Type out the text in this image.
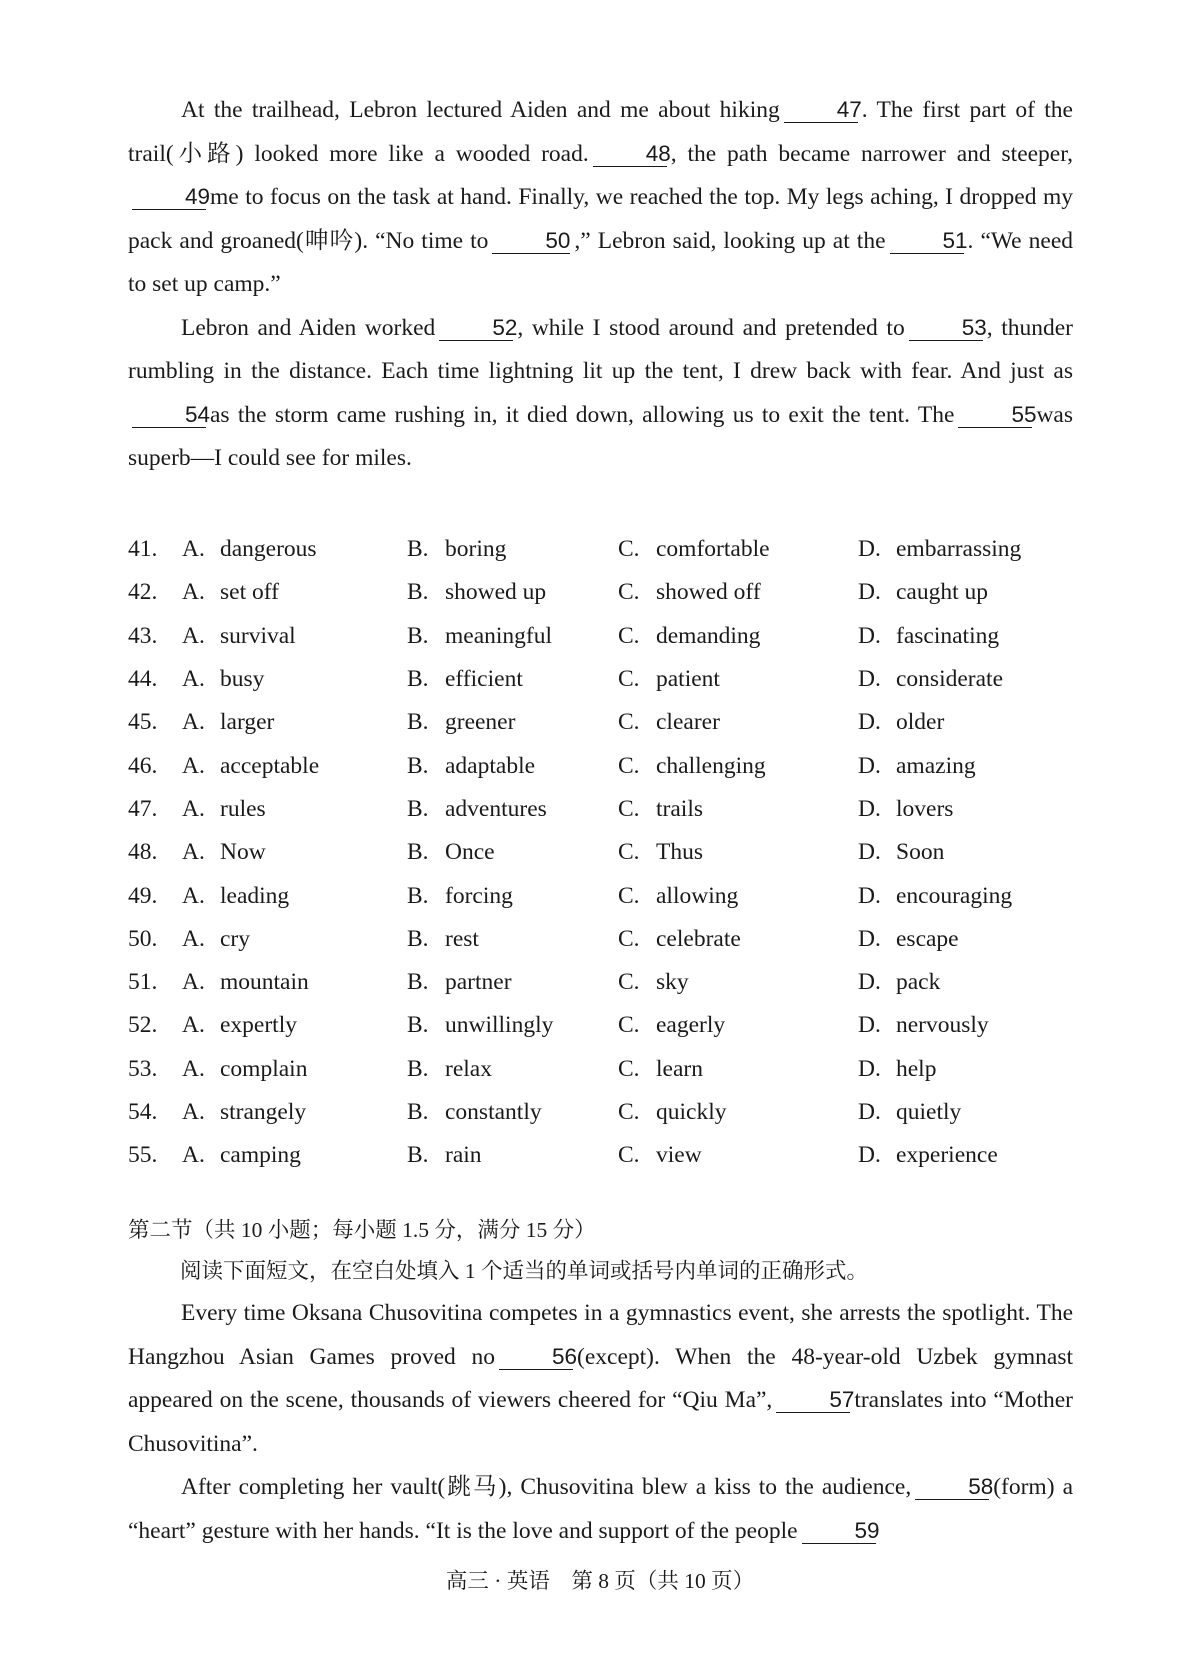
At the trailhead, Lebron lectured Aiden and me about hiking	47. The first part of the trail(小路) looked more like a wooded road.	48, the path became narrower and steeper,49me to focus on the task at hand. Finally, we reached the top. My legs aching, I dropped my pack and groaned(呻吟). “No time to	50 ,” Lebron said, looking up at the	51. “We need to set up camp.”

Lebron and Aiden worked	52, while I stood around and pretended to	53, thunder rumbling in the distance. Each time lightning lit up the tent, I drew back with fear. And just as54as the storm came rushing in, it died down, allowing us to exit the tent. The	55was superb—I could see for miles.

41.	A. dangerous	B. boring	C. comfortable	D. embarrassing
42.	A. set off	B. showed up	C. showed off	D. caught up
43.	A. survival	B. meaningful	C. demanding	D. fascinating
44.	A. busy	B. efficient	C. patient	D. considerate
45.	A. larger	B. greener	C. clearer	D. older
46.	A. acceptable	B. adaptable	C. challenging	D. amazing
47.	A. rules	B. adventures	C. trails	D. lovers
48.	A. Now	B. Once	C. Thus	D. Soon
49.	A. leading	B. forcing	C. allowing	D. encouraging
50.	A. cry	B. rest	C. celebrate	D. escape
51.	A. mountain	B. partner	C. sky	D. pack
52.	A. expertly	B. unwillingly	C. eagerly	D. nervously
53.	A. complain	B. relax	C. learn	D. help
54.	A. strangely	B. constantly	C. quickly	D. quietly
55.	A. camping	B. rain	C. view	D. experience
第二节（共 10 小题；每小题 1.5 分，满分 15 分）
阅读下面短文，在空白处填入 1 个适当的单词或括号内单词的正确形式。

Every time Oksana Chusovitina competes in a gymnastics event, she arrests the spotlight. The Hangzhou Asian Games proved no	56(except). When the 48-year-old Uzbek gymnast appeared on the scene, thousands of viewers cheered for “Qiu Ma”,	57translates into “Mother Chusovitina”.

After completing her vault(跳马), Chusovitina blew a kiss to the audience,	58(form) a “heart” gesture with her hands. “It is the love and support of the people	59

高三 · 英语　第 8 页（共 10 页）
